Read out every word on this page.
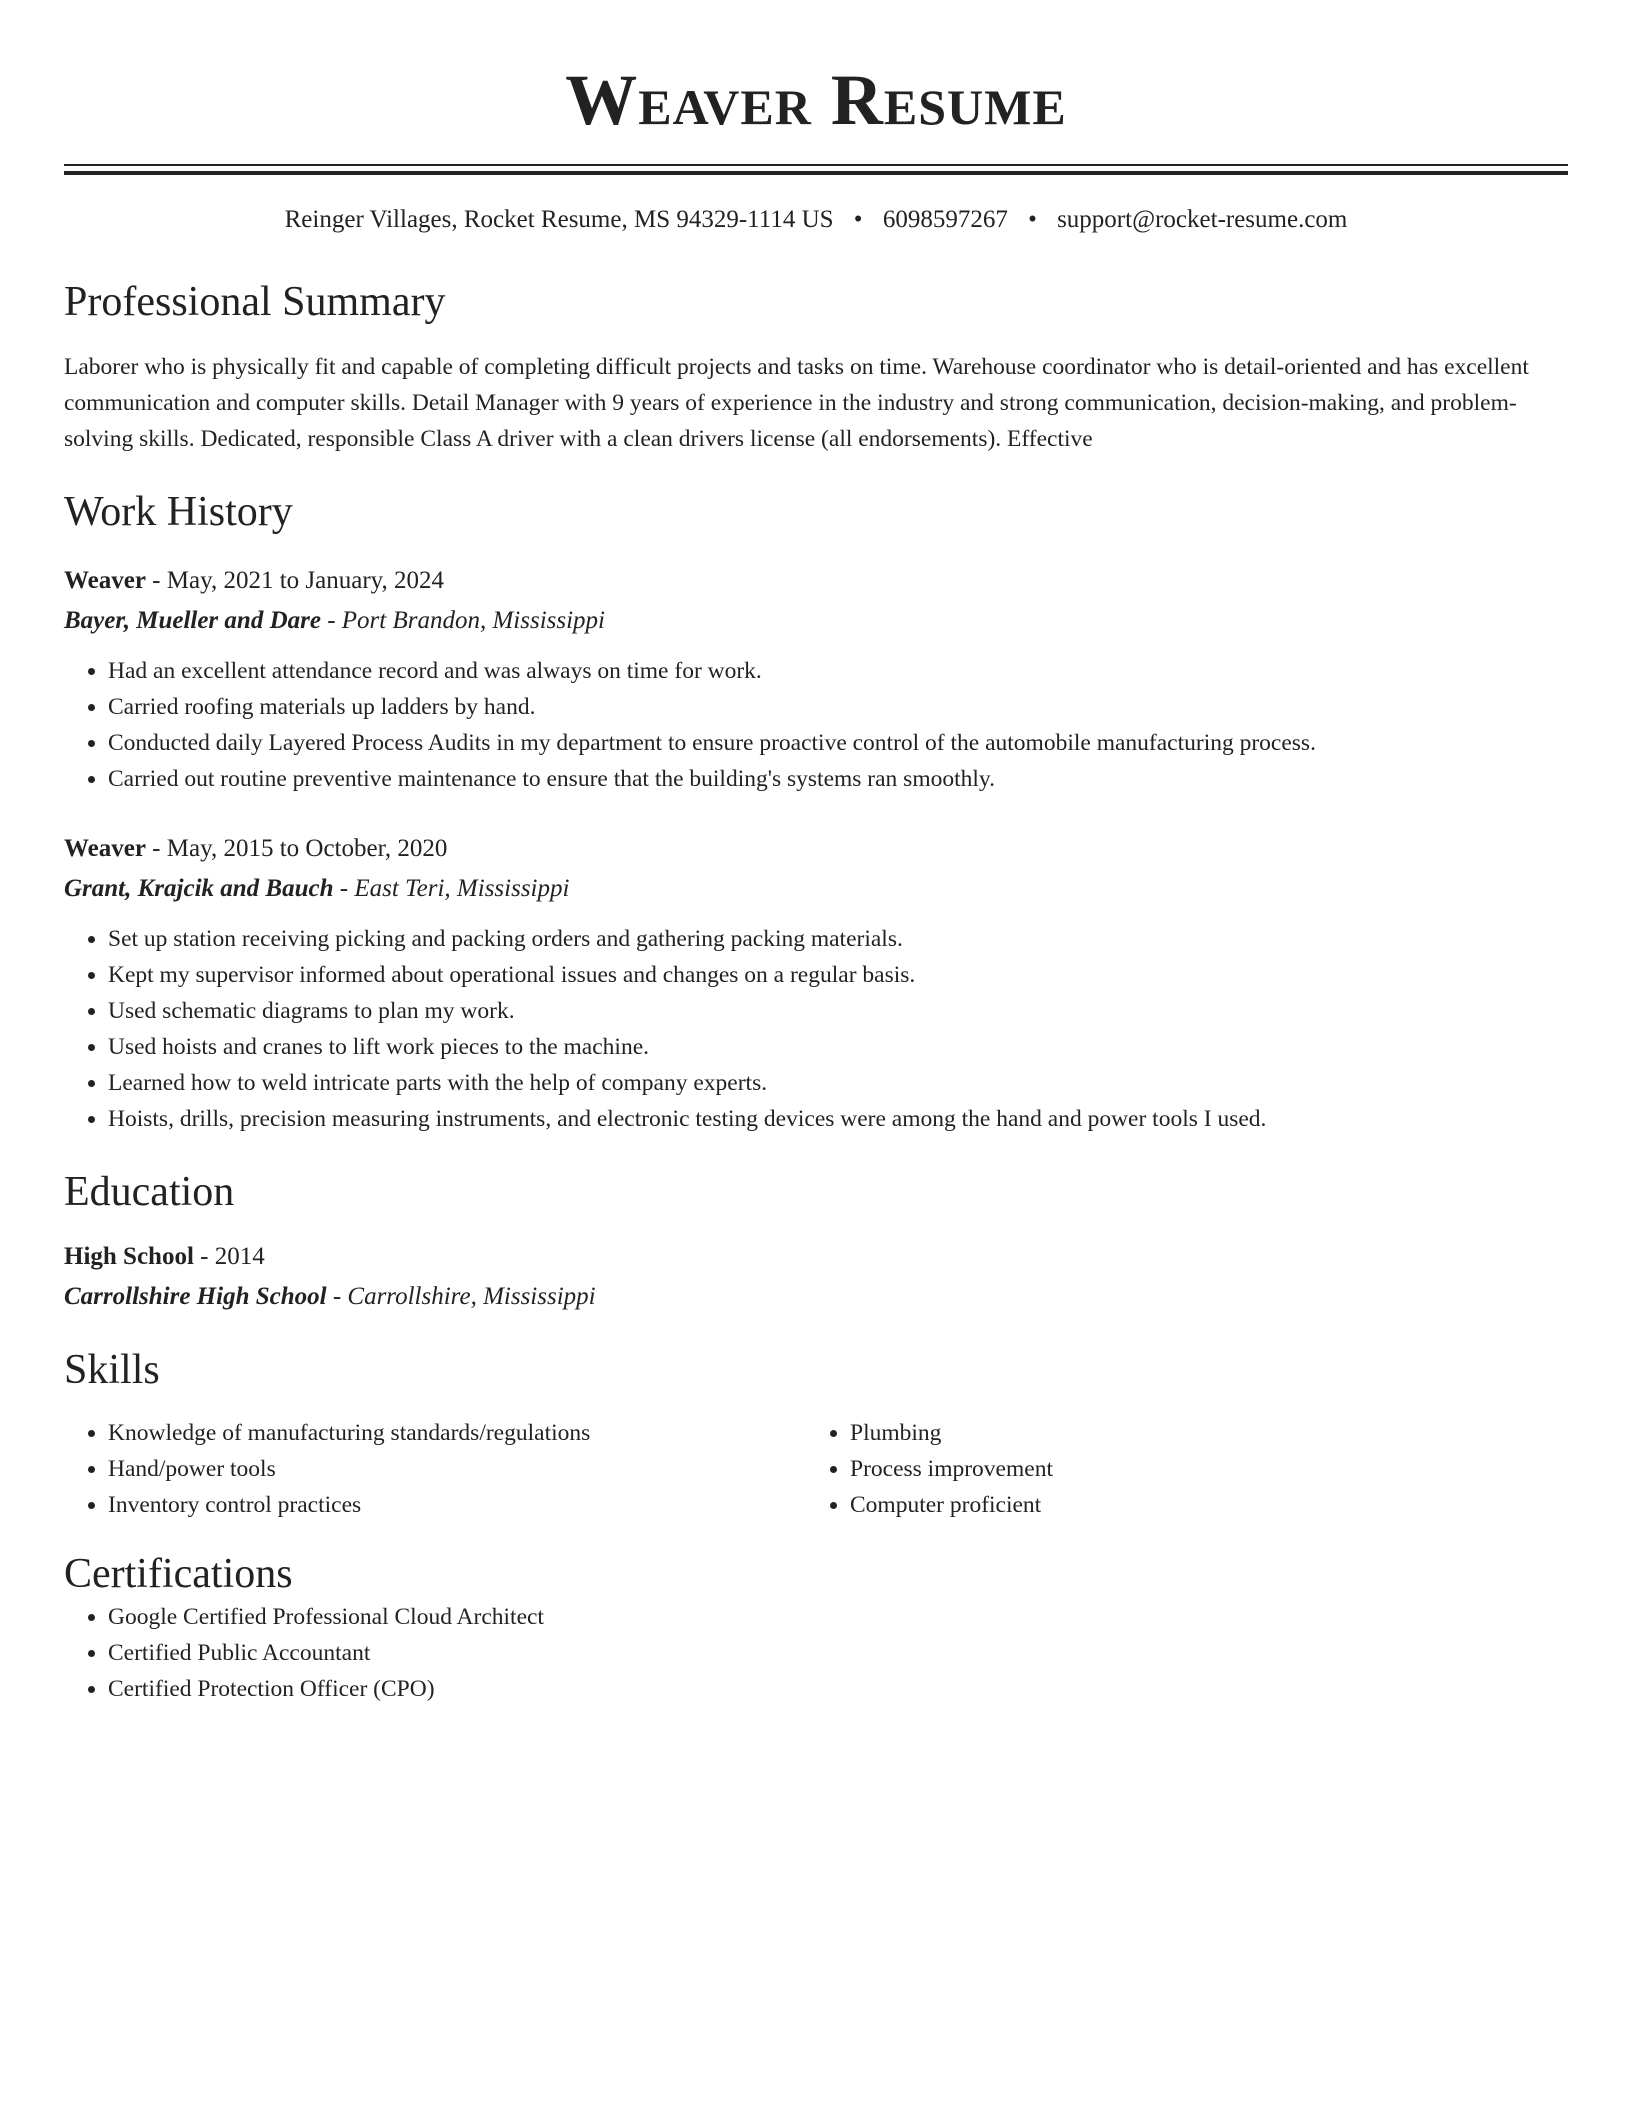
Weaver Resume
Reinger Villages, Rocket Resume, MS 94329-1114 US • 6098597267 • support@rocket-resume.com
Professional Summary
Laborer who is physically fit and capable of completing difficult projects and tasks on time. Warehouse coordinator who is detail-oriented and has excellent communication and computer skills. Detail Manager with 9 years of experience in the industry and strong communication, decision-making, and problem-solving skills. Dedicated, responsible Class A driver with a clean drivers license (all endorsements). Effective
Work History
Weaver - May, 2021 to January, 2024
Bayer, Mueller and Dare - Port Brandon, Mississippi
• Had an excellent attendance record and was always on time for work.
• Carried roofing materials up ladders by hand.
• Conducted daily Layered Process Audits in my department to ensure proactive control of the automobile manufacturing process.
• Carried out routine preventive maintenance to ensure that the building's systems ran smoothly.
Weaver - May, 2015 to October, 2020
Grant, Krajcik and Bauch - East Teri, Mississippi
• Set up station receiving picking and packing orders and gathering packing materials.
• Kept my supervisor informed about operational issues and changes on a regular basis.
• Used schematic diagrams to plan my work.
• Used hoists and cranes to lift work pieces to the machine.
• Learned how to weld intricate parts with the help of company experts.
• Hoists, drills, precision measuring instruments, and electronic testing devices were among the hand and power tools I used.
Education
High School - 2014
Carrollshire High School - Carrollshire, Mississippi
Skills
• Knowledge of manufacturing standards/regulations
• Hand/power tools
• Inventory control practices
• Plumbing
• Process improvement
• Computer proficient
Certifications
• Google Certified Professional Cloud Architect
• Certified Public Accountant
• Certified Protection Officer (CPO)
